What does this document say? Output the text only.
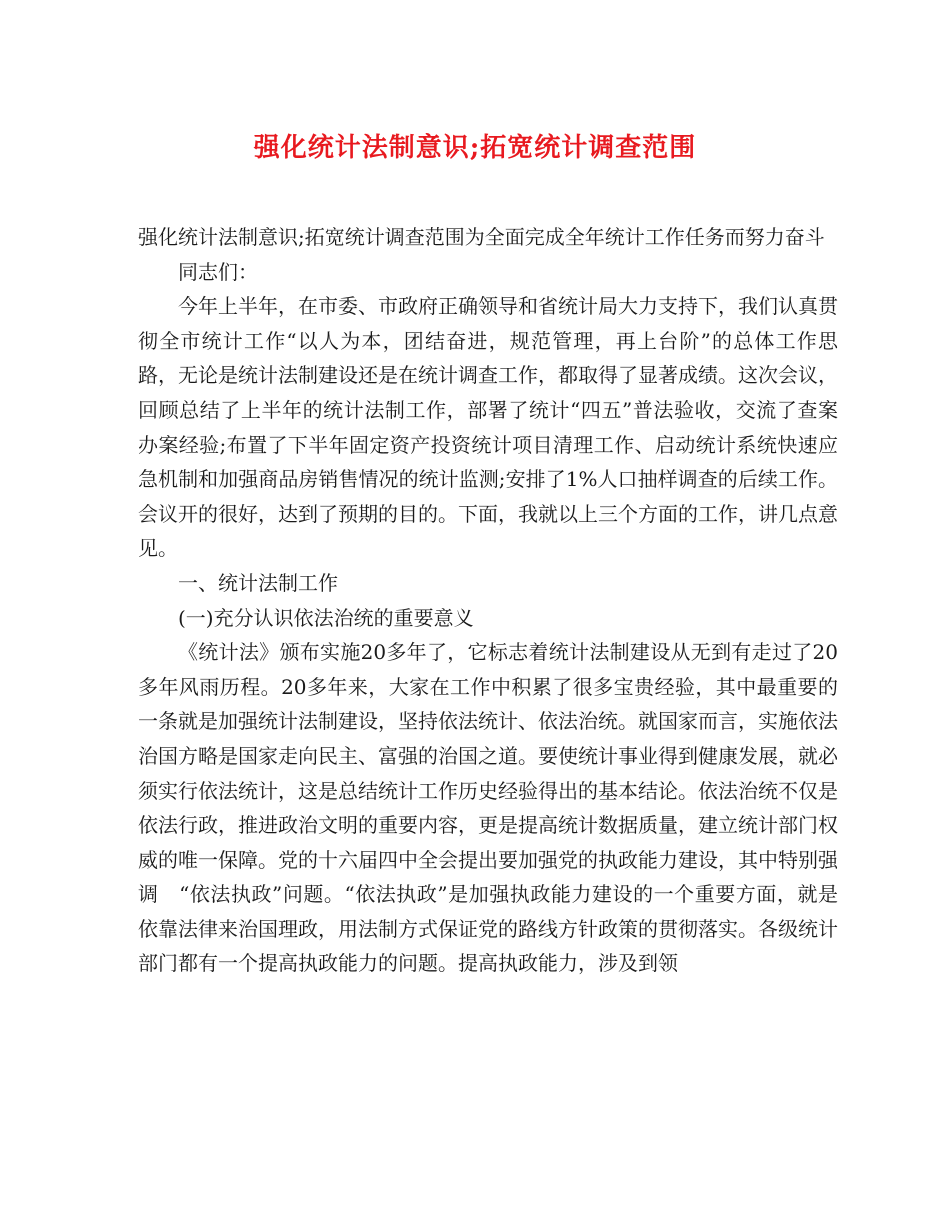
强化统计法制意识;拓宽统计调查范围

强化统计法制意识;拓宽统计调查范围为全面完成全年统计工作任务而努力奋斗

同志们：

今年上半年，在市委、市政府正确领导和省统计局大力支持下，我们认真贯彻全市统计工作“以人为本，团结奋进，规范管理，再上台阶”的总体工作思路，无论是统计法制建设还是在统计调查工作，都取得了显著成绩。这次会议，回顾总结了上半年的统计法制工作，部署了统计“四五”普法验收，交流了查案办案经验;布置了下半年固定资产投资统计项目清理工作、启动统计系统快速应急机制和加强商品房销售情况的统计监测;安排了1%人口抽样调查的后续工作。会议开的很好，达到了预期的目的。下面，我就以上三个方面的工作，讲几点意见。

一、统计法制工作

(一)充分认识依法治统的重要意义

《统计法》颁布实施20多年了，它标志着统计法制建设从无到有走过了20多年风雨历程。20多年来，大家在工作中积累了很多宝贵经验，其中最重要的一条就是加强统计法制建设，坚持依法统计、依法治统。就国家而言，实施依法治国方略是国家走向民主、富强的治国之道。要使统计事业得到健康发展，就必须实行依法统计，这是总结统计工作历史经验得出的基本结论。依法治统不仅是依法行政，推进政治文明的重要内容，更是提高统计数据质量，建立统计部门权威的唯一保障。党的十六届四中全会提出要加强党的执政能力建设，其中特别强调　“依法执政”问题。“依法执政”是加强执政能力建设的一个重要方面，就是依靠法律来治国理政，用法制方式保证党的路线方针政策的贯彻落实。各级统计部门都有一个提高执政能力的问题。提高执政能力，涉及到领
